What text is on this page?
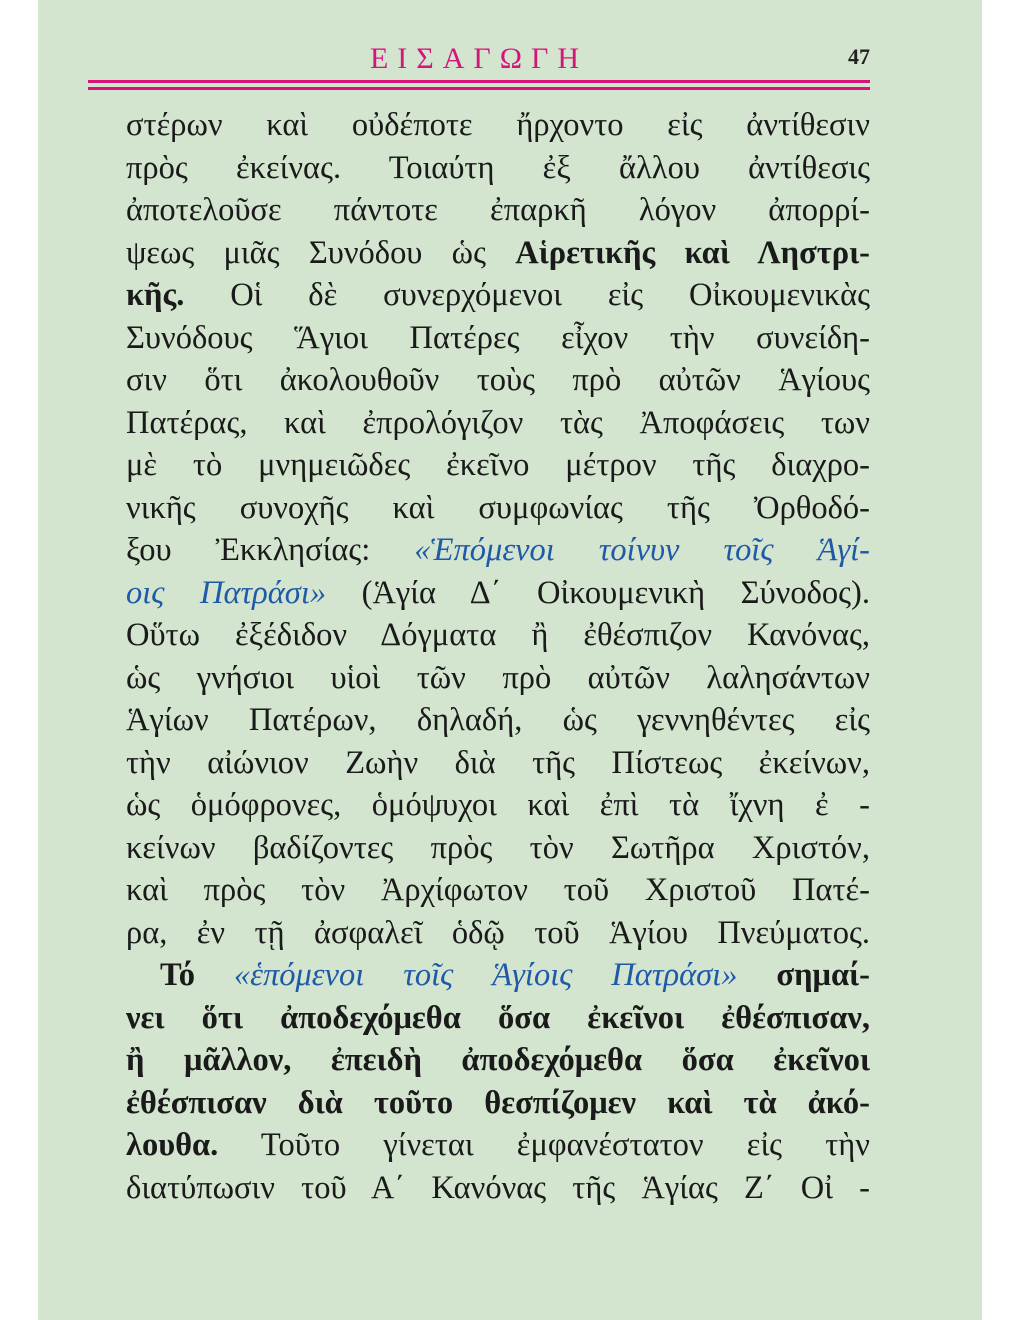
ΕΙΣΑΓΩΓΗ	47
στέρων καὶ οὐδέποτε ἤρχοντο εἰς ἀντίθεσιν
πρὸς ἐκείνας. Τοιαύτη ἐξ ἄλλου ἀντίθεσις
ἀποτελοῦσε πάντοτε ἐπαρκῆ λόγον ἀπορρί-
ψεως μιᾶς Συνόδου ὡς Αἱρετικῆς καὶ Ληστρι-
κῆς. Οἱ δὲ συνερχόμενοι εἰς Οἰκουμενικὰς
Συνόδους Ἅγιοι Πατέρες εἶχον τὴν συνείδη-
σιν ὅτι ἀκολουθοῦν τοὺς πρὸ αὐτῶν Ἁγίους
Πατέρας, καὶ ἐπρολόγιζον τὰς Ἀποφάσεις των
μὲ τὸ μνημειῶδες ἐκεῖνο μέτρον τῆς διαχρο-
νικῆς συνοχῆς καὶ συμφωνίας τῆς Ὀρθοδό-
ξου Ἐκκλησίας: «Ἑπόμενοι τοίνυν τοῖς Ἁγί-
οις Πατράσι» (Ἁγία Δ΄ Οἰκουμενικὴ Σύνοδος).
Οὕτω ἐξέδιδον Δόγματα ἢ ἐθέσπιζον Κανόνας,
ὡς γνήσιοι υἱοὶ τῶν πρὸ αὐτῶν λαλησάντων
Ἁγίων Πατέρων, δηλαδή, ὡς γεννηθέντες εἰς
τὴν αἰώνιον Ζωὴν διὰ τῆς Πίστεως ἐκείνων,
ὡς ὁμόφρονες, ὁμόψυχοι καὶ ἐπὶ τὰ ἴχνη ἐ -
κείνων βαδίζοντες πρὸς τὸν Σωτῆρα Χριστόν,
καὶ πρὸς τὸν Ἀρχίφωτον τοῦ Χριστοῦ Πατέ-
ρα, ἐν τῇ ἀσφαλεῖ ὁδῷ τοῦ Ἁγίου Πνεύματος.
Τό «ἑπόμενοι τοῖς Ἁγίοις Πατράσι» σημαί-
νει ὅτι ἀποδεχόμεθα ὅσα ἐκεῖνοι ἐθέσπισαν,
ἢ μᾶλλον, ἐπειδὴ ἀποδεχόμεθα ὅσα ἐκεῖνοι
ἐθέσπισαν διὰ τοῦτο θεσπίζομεν καὶ τὰ ἀκό-
λουθα. Τοῦτο γίνεται ἐμφανέστατον εἰς τὴν
διατύπωσιν τοῦ Α΄ Κανόνας τῆς Ἁγίας Ζ΄ Οἰ -
